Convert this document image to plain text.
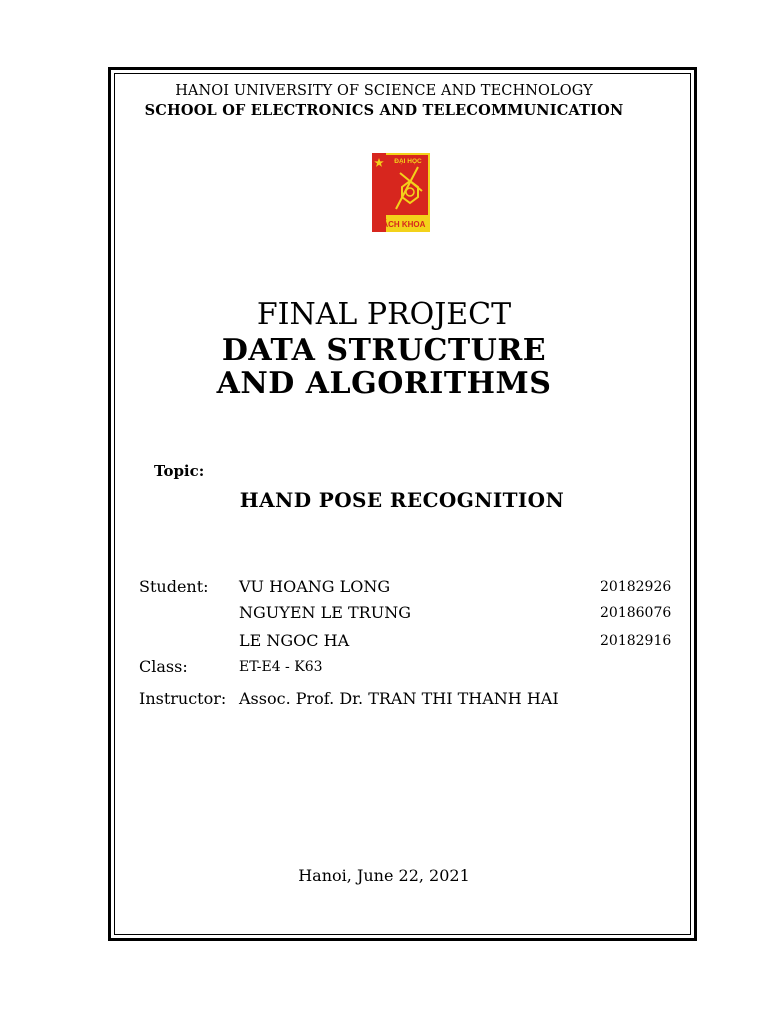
HANOI UNIVERSITY OF SCIENCE AND TECHNOLOGY
SCHOOL OF ELECTRONICS AND TELECOMMUNICATION
ĐẠI HỌC
BÁCH KHOA
FINAL PROJECT
DATA STRUCTURE
AND ALGORITHMS
Topic:
HAND POSE RECOGNITION
Student: VU HOANG LONG	20182926
NGUYEN LE TRUNG	20186076
LE NGOC HA	20182916
Class:	ET-E4 - K63
Instructor: Assoc. Prof. Dr. TRAN THI THANH HAI
Hanoi, June 22, 2021
